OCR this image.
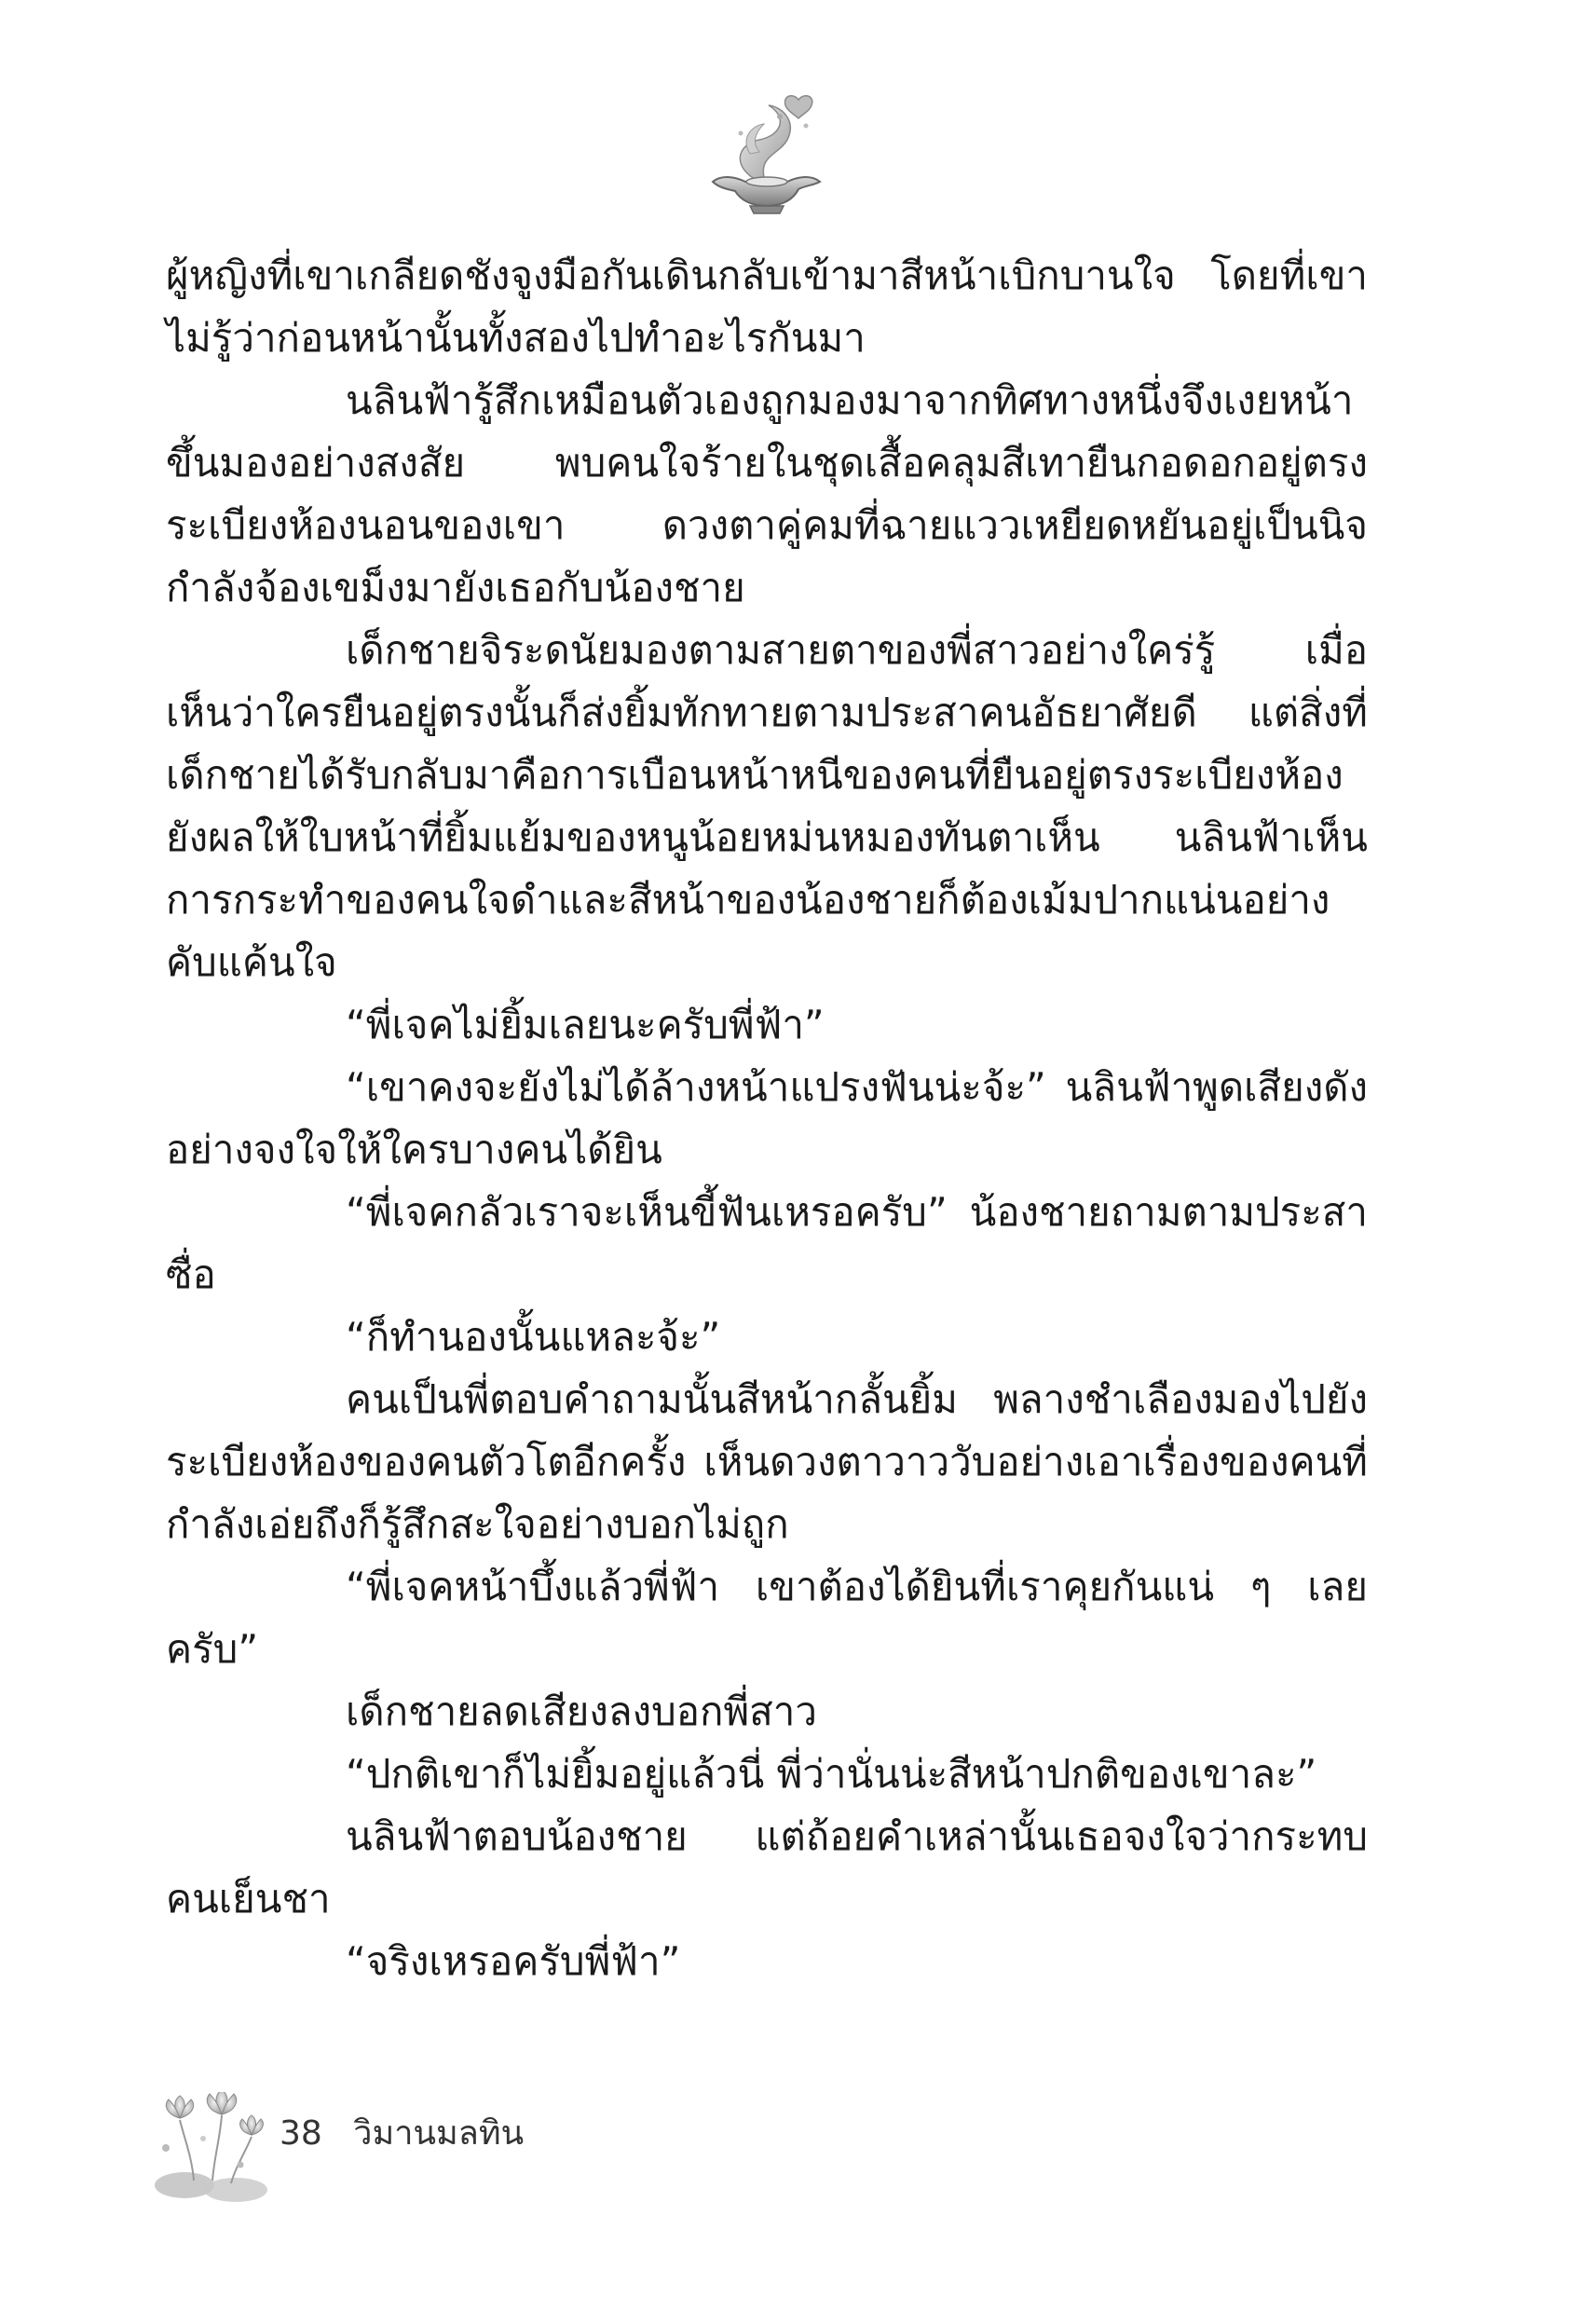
ผู้หญิงที่เขาเกลียดชังจูงมือกันเดินกลับเข้ามาสีหน้าเบิกบานใจ โดยที่เขา
ไม่รู้ว่าก่อนหน้านั้นทั้งสองไปทำอะไรกันมา
นลินฟ้ารู้สึกเหมือนตัวเองถูกมองมาจากทิศทางหนึ่งจึงเงยหน้า
ขึ้นมองอย่างสงสัย พบคนใจร้ายในชุดเสื้อคลุมสีเทายืนกอดอกอยู่ตรง
ระเบียงห้องนอนของเขา ดวงตาคู่คมที่ฉายแววเหยียดหยันอยู่เป็นนิจ
กำลังจ้องเขม็งมายังเธอกับน้องชาย
เด็กชายจิระดนัยมองตามสายตาของพี่สาวอย่างใคร่รู้ เมื่อ
เห็นว่าใครยืนอยู่ตรงนั้นก็ส่งยิ้มทักทายตามประสาคนอัธยาศัยดี แต่สิ่งที่
เด็กชายได้รับกลับมาคือการเบือนหน้าหนีของคนที่ยืนอยู่ตรงระเบียงห้อง
ยังผลให้ใบหน้าที่ยิ้มแย้มของหนูน้อยหม่นหมองทันตาเห็น นลินฟ้าเห็น
การกระทำของคนใจดำและสีหน้าของน้องชายก็ต้องเม้มปากแน่นอย่าง
คับแค้นใจ
“พี่เจคไม่ยิ้มเลยนะครับพี่ฟ้า”
“เขาคงจะยังไม่ได้ล้างหน้าแปรงฟันน่ะจ้ะ” นลินฟ้าพูดเสียงดัง
อย่างจงใจให้ใครบางคนได้ยิน
“พี่เจคกลัวเราจะเห็นขี้ฟันเหรอครับ” น้องชายถามตามประสา
ซื่อ
“ก็ทำนองนั้นแหละจ้ะ”
คนเป็นพี่ตอบคำถามนั้นสีหน้ากลั้นยิ้ม พลางชำเลืองมองไปยัง
ระเบียงห้องของคนตัวโตอีกครั้ง เห็นดวงตาวาววับอย่างเอาเรื่องของคนที่
กำลังเอ่ยถึงก็รู้สึกสะใจอย่างบอกไม่ถูก
“พี่เจคหน้าบึ้งแล้วพี่ฟ้า เขาต้องได้ยินที่เราคุยกันแน่ ๆ เลย
ครับ”
เด็กชายลดเสียงลงบอกพี่สาว
“ปกติเขาก็ไม่ยิ้มอยู่แล้วนี่ พี่ว่านั่นน่ะสีหน้าปกติของเขาละ”
นลินฟ้าตอบน้องชาย แต่ถ้อยคำเหล่านั้นเธอจงใจว่ากระทบ
คนเย็นชา
“จริงเหรอครับพี่ฟ้า”
38 วิมานมลทิน
